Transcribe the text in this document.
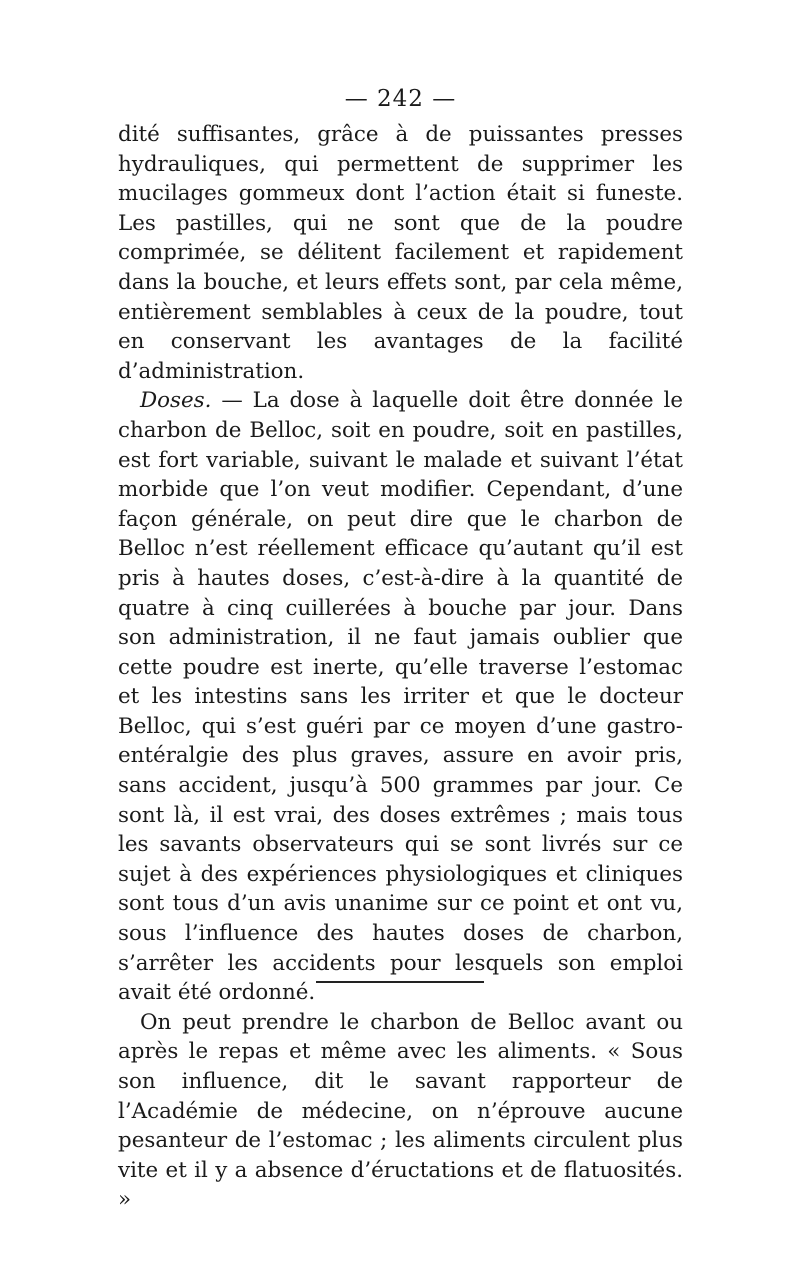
— 242 —

dité suffisantes, grâce à de puissantes presses hydrauliques, qui permettent de supprimer les mucilages gommeux dont l’action était si funeste. Les pastilles, qui ne sont que de la poudre comprimée, se délitent facilement et rapidement dans la bouche, et leurs effets sont, par cela même, entièrement semblables à ceux de la poudre, tout en conservant les avantages de la facilité d’administration.

Doses. — La dose à laquelle doit être donnée le charbon de Belloc, soit en poudre, soit en pastilles, est fort variable, suivant le malade et suivant l’état morbide que l’on veut modifier. Cependant, d’une façon générale, on peut dire que le charbon de Belloc n’est réellement efficace qu’autant qu’il est pris à hautes doses, c’est-à-dire à la quantité de quatre à cinq cuillerées à bouche par jour. Dans son administration, il ne faut jamais oublier que cette poudre est inerte, qu’elle traverse l’estomac et les intestins sans les irriter et que le docteur Belloc, qui s’est guéri par ce moyen d’une gastro-entéralgie des plus graves, assure en avoir pris, sans accident, jusqu’à 500 grammes par jour. Ce sont là, il est vrai, des doses extrêmes ; mais tous les savants observateurs qui se sont livrés sur ce sujet à des expériences physiologiques et cliniques sont tous d’un avis unanime sur ce point et ont vu, sous l’influence des hautes doses de charbon, s’arrêter les accidents pour lesquels son emploi avait été ordonné.

On peut prendre le charbon de Belloc avant ou après le repas et même avec les aliments. « Sous son influence, dit le savant rapporteur de l’Académie de médecine, on n’éprouve aucune pesanteur de l’estomac ; les aliments circulent plus vite et il y a absence d’éructations et de flatuosités. »
